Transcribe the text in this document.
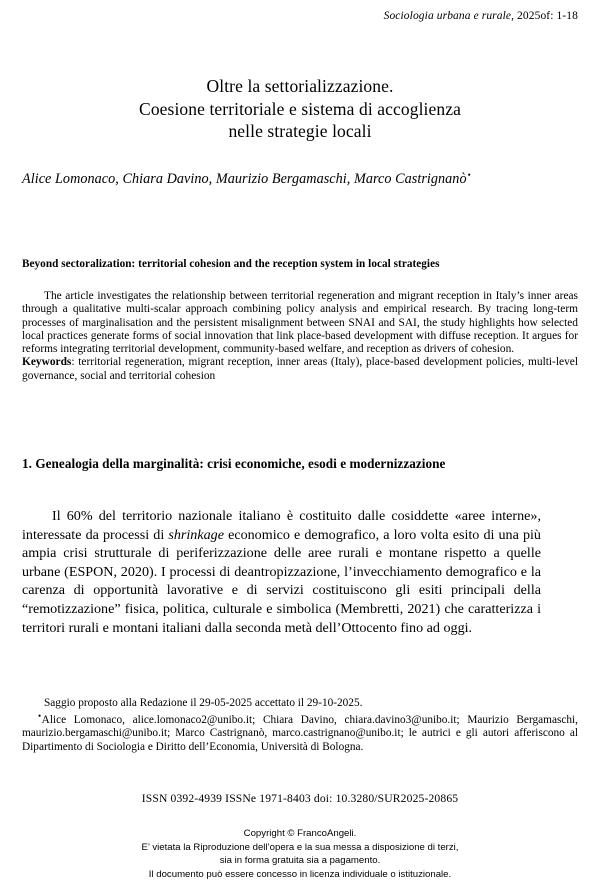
Sociologia urbana e rurale, 2025of: 1-18
Oltre la settorializzazione.
Coesione territoriale e sistema di accoglienza
nelle strategie locali
Alice Lomonaco, Chiara Davino, Maurizio Bergamaschi, Marco Castrignanò•
Beyond sectoralization: territorial cohesion and the reception system in local strategies

The article investigates the relationship between territorial regeneration and migrant reception in Italy’s inner areas through a qualitative multi-scalar approach combining policy analysis and empirical research. By tracing long-term processes of marginalisation and the persistent misalignment between SNAI and SAI, the study highlights how selected local practices generate forms of social innovation that link place-based development with diffuse reception. It argues for reforms integrating territorial development, community-based welfare, and reception as drivers of cohesion.

Keywords: territorial regeneration, migrant reception, inner areas (Italy), place-based development policies, multi-level governance, social and territorial cohesion

1. Genealogia della marginalità: crisi economiche, esodi e modernizzazione

Il 60% del territorio nazionale italiano è costituito dalle cosiddette «aree interne», interessate da processi di shrinkage economico e demografico, a loro volta esito di una più ampia crisi strutturale di periferizzazione delle aree rurali e montane rispetto a quelle urbane (ESPON, 2020). I processi di deantropizzazione, l’invecchiamento demografico e la carenza di opportunità lavorative e di servizi costituiscono gli esiti principali della “remotizzazione” fisica, politica, culturale e simbolica (Membretti, 2021) che caratterizza i territori rurali e montani italiani dalla seconda metà dell’Ottocento fino ad oggi.

Saggio proposto alla Redazione il 29-05-2025 accettato il 29-10-2025.

•Alice Lomonaco, alice.lomonaco2@unibo.it; Chiara Davino, chiara.davino3@unibo.it; Maurizio Bergamaschi, maurizio.bergamaschi@unibo.it; Marco Castrignanò, marco.castrignano@unibo.it; le autrici e gli autori afferiscono al Dipartimento di Sociologia e Diritto dell’Economia, Università di Bologna.

ISSN 0392-4939 ISSNe 1971-8403 doi: 10.3280/SUR2025-20865
Copyright © FrancoAngeli.
E’ vietata la Riproduzione dell’opera e la sua messa a disposizione di terzi,
sia in forma gratuita sia a pagamento.
Il documento può essere concesso in licenza individuale o istituzionale.
